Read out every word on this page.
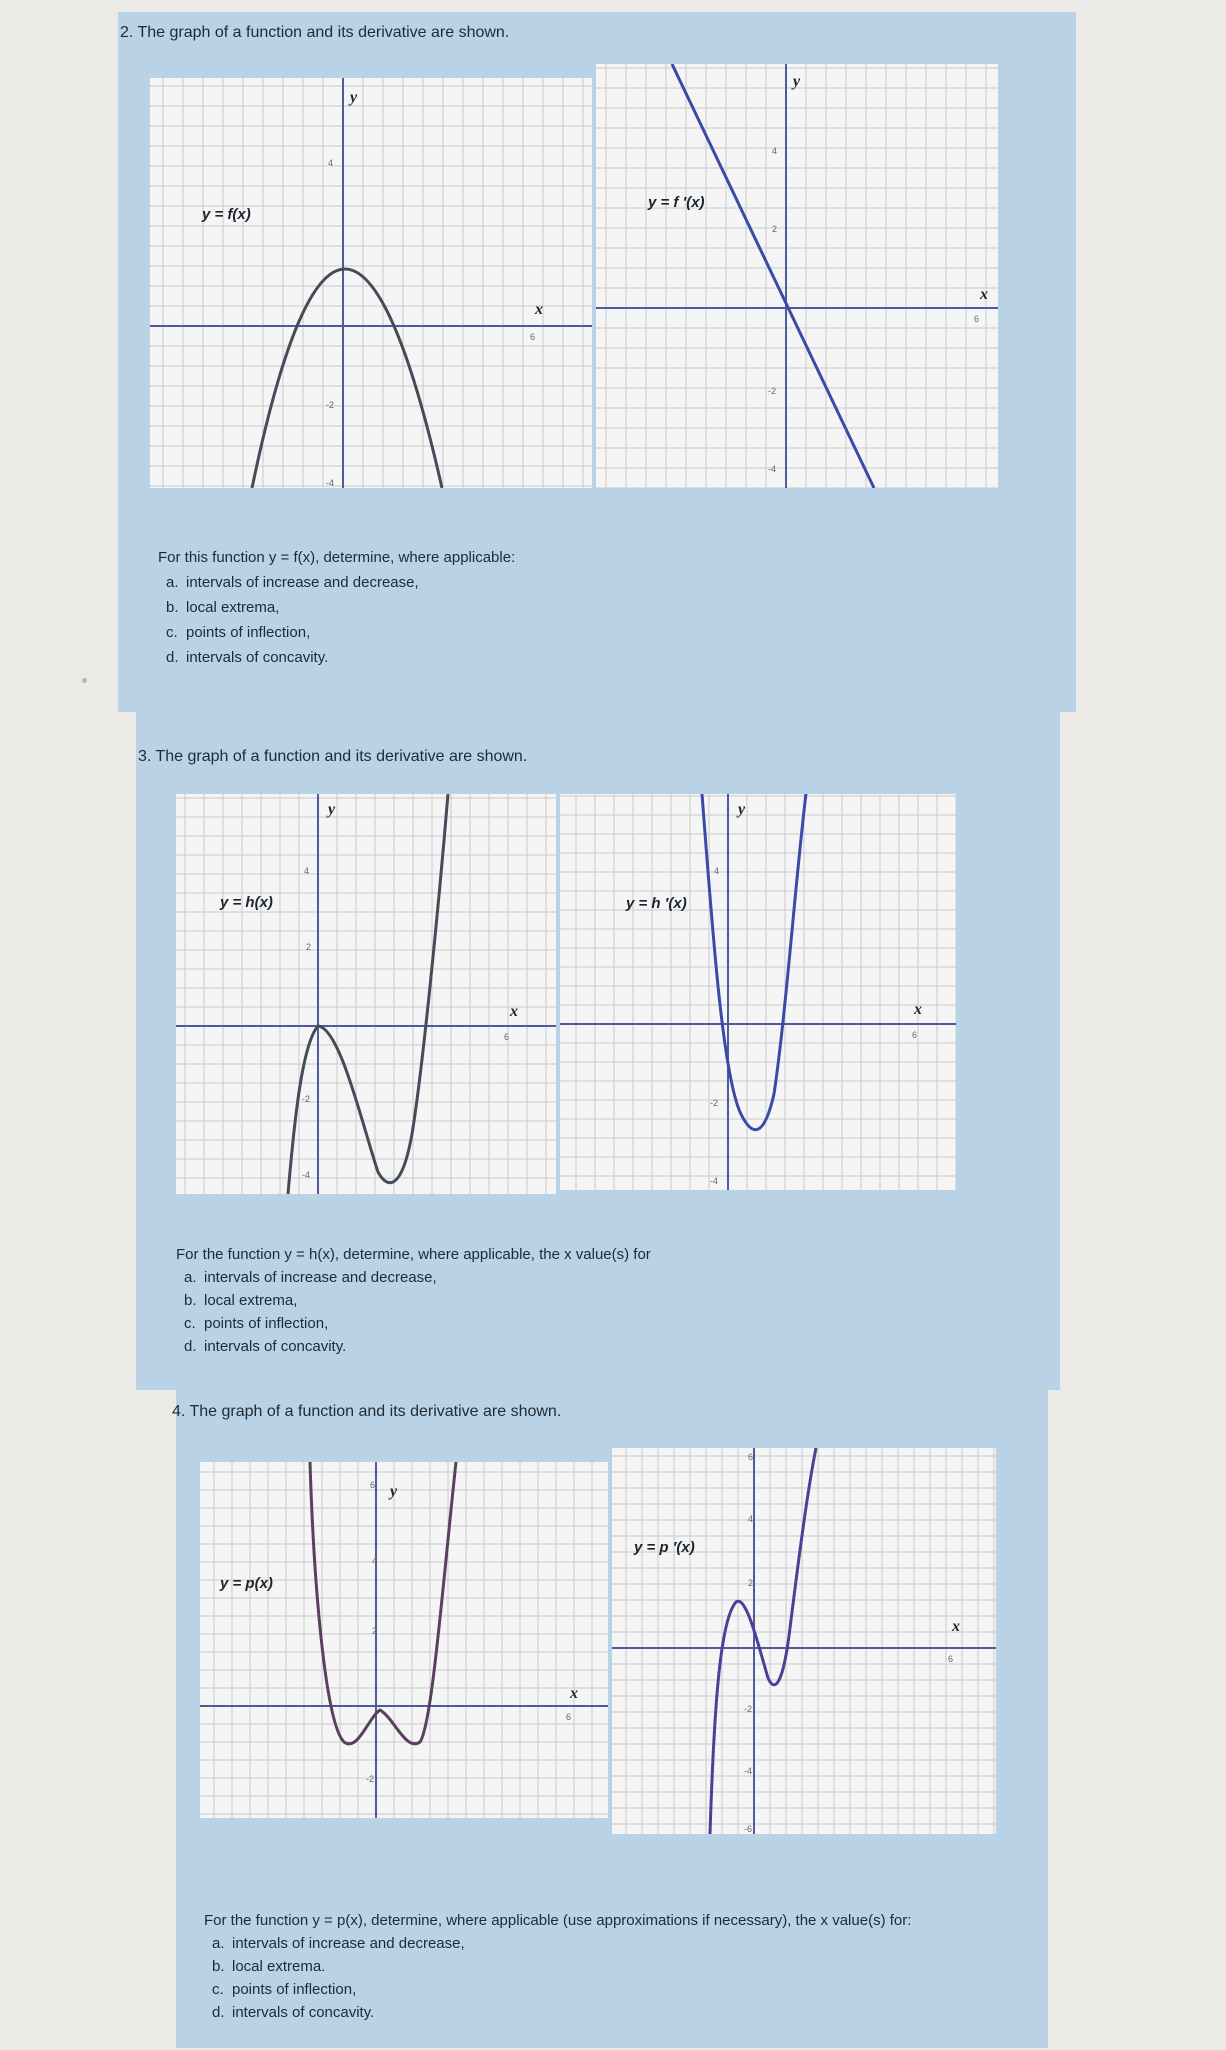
2. The graph of a function and its derivative are shown.
y = f(x)
x
y
6
4
-2
-4
y = f ′(x)
x
y
6
4
2
-2
-4
For this function y = f(x), determine, where applicable:
a. intervals of increase and decrease,
b. local extrema,
c. points of inflection,
d. intervals of concavity.
3. The graph of a function and its derivative are shown.
y = h(x)
x
y
6
4
2
-2
-4
y = h ′(x)
x
y
6
4
-2
-4
For the function y = h(x), determine, where applicable, the x value(s) for
a. intervals of increase and decrease,
b. local extrema,
c. points of inflection,
d. intervals of concavity.
4. The graph of a function and its derivative are shown.
y = p(x)
x
y
6
6
4
2
-2
y = p ′(x)
x
6
6
4
2
-2
-4
-6
For the function y = p(x), determine, where applicable (use approximations if necessary), the x value(s) for:
a. intervals of increase and decrease,
b. local extrema.
c. points of inflection,
d. intervals of concavity.
